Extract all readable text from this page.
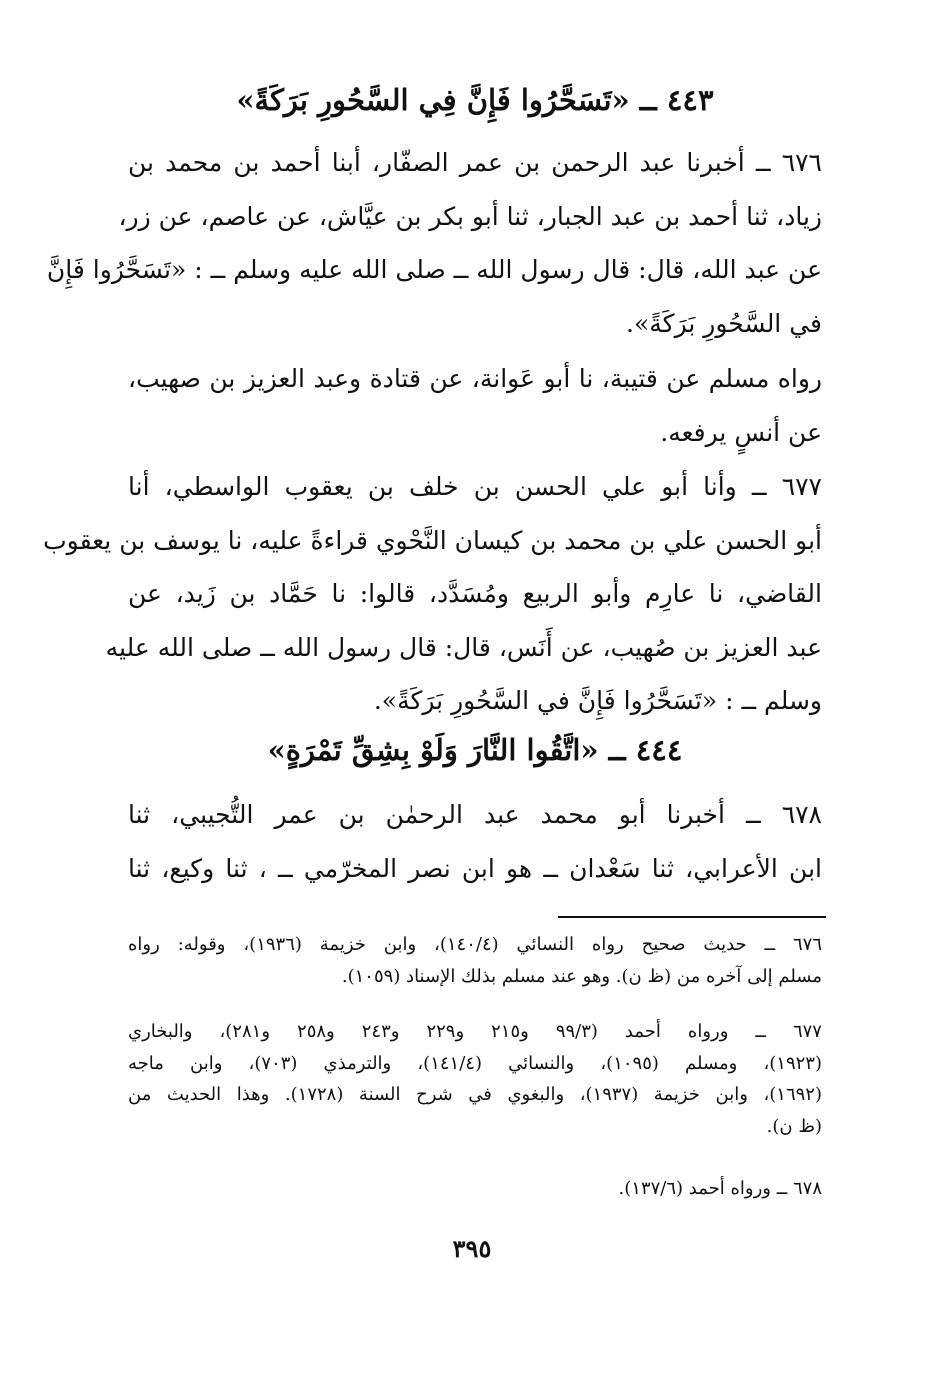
٤٤٣ ــ «تَسَحَّرُوا فَإِنَّ فِي السَّحُورِ بَرَكَةً»
٦٧٦ ــ أخبرنا عبد الرحمن بن عمر الصفّار، أبنا أحمد بن محمد بن
زياد، ثنا أحمد بن عبد الجبار، ثنا أبو بكر بن عيَّاش، عن عاصم، عن زر،
عن عبد الله، قال: قال رسول الله ــ صلى الله عليه وسلم ــ : «تَسَحَّرُوا فَإِنَّ
في السَّحُورِ بَرَكَةً».
رواه مسلم عن قتيبة، نا أبو عَوانة، عن قتادة وعبد العزيز بن صهيب،
عن أنسٍ يرفعه.
٦٧٧ ــ وأنا أبو علي الحسن بن خلف بن يعقوب الواسطي، أنا
أبو الحسن علي بن محمد بن كيسان النَّحْوي قراءةً عليه، نا يوسف بن يعقوب
القاضي، نا عارِم وأبو الربيع ومُسَدَّد، قالوا: نا حَمَّاد بن زَيد، عن
عبد العزيز بن صُهيب، عن أَنَس، قال: قال رسول الله ــ صلى الله عليه
وسلم ــ : «تَسَحَّرُوا فَإِنَّ في السَّحُورِ بَرَكَةً».
٤٤٤ ــ «اتَّقُوا النَّارَ وَلَوْ بِشِقِّ تَمْرَةٍ»
٦٧٨ ــ أخبرنا أبو محمد عبد الرحمٰن بن عمر التُّجيبي، ثنا
ابن الأعرابي، ثنا سَعْدان ــ هو ابن نصر المخرّمي ــ ، ثنا وكيع، ثنا
٦٧٦ ــ حديث صحيح رواه النسائي (١٤٠/٤)، وابن خزيمة (١٩٣٦)، وقوله: رواه
مسلم إلى آخره من (ظ ن). وهو عند مسلم بذلك الإسناد (١٠٥٩).
٦٧٧ ــ ورواه أحمد (٩٩/٣ و٢١٥ و٢٢٩ و٢٤٣ و٢٥٨ و٢٨١)، والبخاري
(١٩٢٣)، ومسلم (١٠٩٥)، والنسائي (١٤١/٤)، والترمذي (٧٠٣)، وابن ماجه
(١٦٩٢)، وابن خزيمة (١٩٣٧)، والبغوي في شرح السنة (١٧٢٨). وهذا الحديث من
(ظ ن).
٦٧٨ ــ ورواه أحمد (١٣٧/٦).
٣٩٥
